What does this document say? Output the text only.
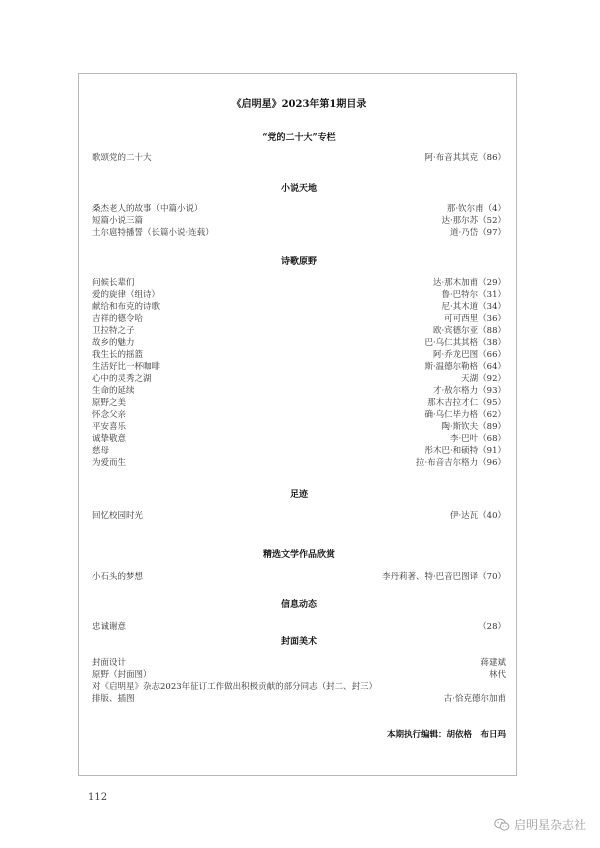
《启明星》2023年第1期目录
“党的二十大”专栏
歌颂党的二十大	阿·布音其其克（86）
小说天地
桑杰老人的故事（中篇小说）	那·钦尔甫（4）
短篇小说三篇	达·那尔苏（52）
土尔扈特播誓（长篇小说·连载）	道·乃岱（97）
诗歌原野
问候长辈们	达·那木加甫（29）
爱的旋律（组诗）	鲁·巴特尔（31）
献给和布克的诗歌	尼·其木道（34）
吉祥的德令哈	可可西里（36）
卫拉特之子	欧·宾德尔亚（88）
故乡的魅力	巴·乌仁其其格（38）
我生长的摇篮	阿·乔龙巴图（66）
生活好比一杯咖啡	斯·温德尔勒格（64）
心中的灵秀之湖	天湖（92）
生命的延续	才·敖尔格力（93）
原野之美	那木吉拉才仁（95）
怀念父亲	确·乌仁毕力格（62）
平安喜乐	陶·斯钦夫（89）
诚挚敬意	李·巴叶（68）
慈母	彤木巴·和硕特（91）
为爱而生	拉·布音吉尔格力（96）
足迹
回忆校园时光	伊·达瓦（40）
精选文学作品欣赏
小石头的梦想	李丹莉著、特·巴音巴图译（70）
信息动态
忠诚谢意	（28）
封面美术
封面设计	蒋建斌
原野（封面图）	林代
对《启明星》杂志2023年征订工作做出积极贡献的部分同志（封二、封三）
排版、插图	古·恰克德尔加甫
本期执行编辑：胡依格　布日玛
112
启明星杂志社
